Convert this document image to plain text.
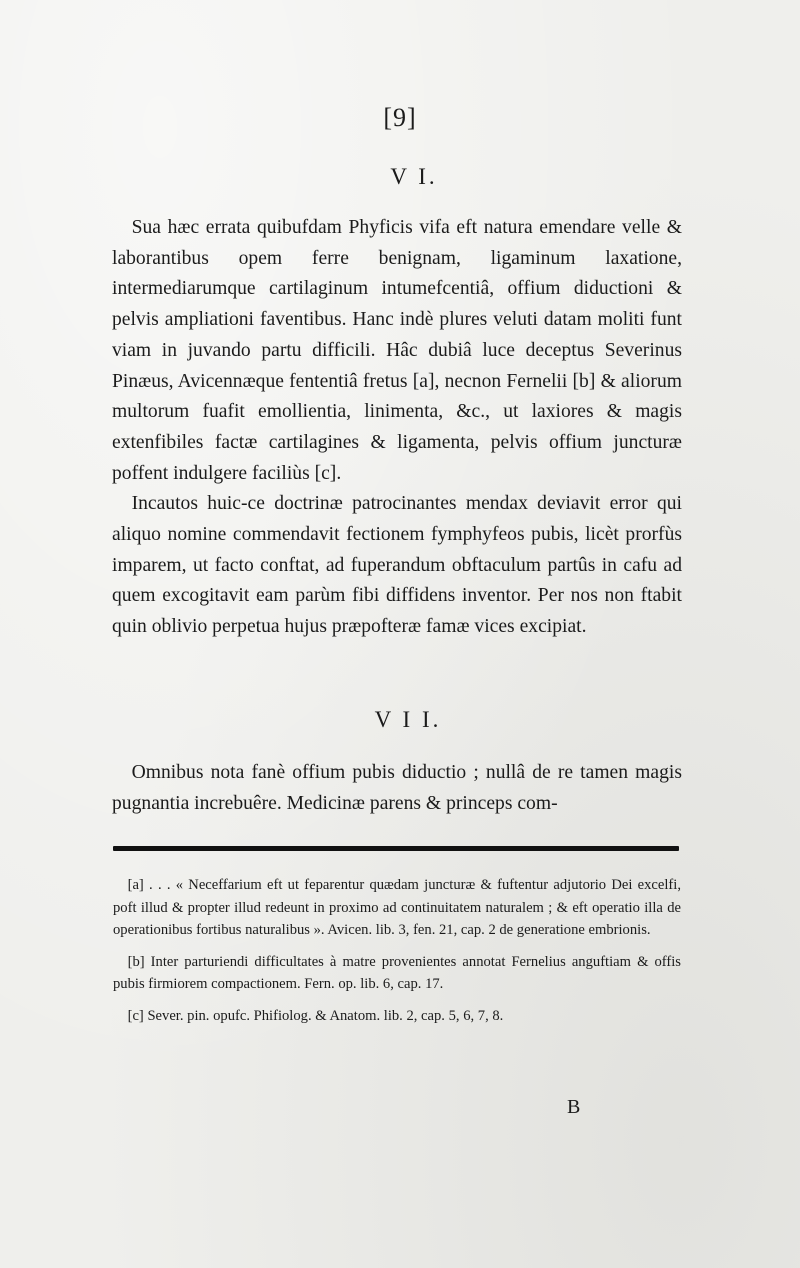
[9]
V I.

Sua hæc errata quibufdam Phyficis vifa eft natura emendare velle & laborantibus opem ferre benignam, ligaminum laxatione, intermediarumque cartilaginum intumefcentiâ, offium diductioni & pelvis ampliationi faventibus. Hanc indè plures veluti datam moliti funt viam in juvando partu difficili. Hâc dubiâ luce deceptus Severinus Pinæus, Avicennæque fententiâ fretus [a], necnon Fernelii [b] & aliorum multorum fuafit emollientia, linimenta, &c., ut laxiores & magis extenfibiles factæ cartilagines & ligamenta, pelvis offium juncturæ poffent indulgere faciliùs [c].

Incautos huic-ce doctrinæ patrocinantes mendax deviavit error qui aliquo nomine commendavit fectionem fymphyfeos pubis, licèt prorfùs imparem, ut facto conftat, ad fuperandum obftaculum partûs in cafu ad quem excogitavit eam parùm fibi diffidens inventor. Per nos non ftabit quin oblivio perpetua hujus præpofteræ famæ vices excipiat.

V I I.

Omnibus nota fanè offium pubis diductio ; nullâ de re tamen magis pugnantia increbuêre. Medicinæ parens & princeps com-

[a] . . . « Neceffarium eft ut feparentur quædam juncturæ & fuftentur adjutorio Dei excelfi, poft illud & propter illud redeunt in proximo ad continuitatem naturalem ; & eft operatio illa de operationibus fortibus naturalibus ». Avicen. lib. 3, fen. 21, cap. 2 de generatione embrionis.

[b] Inter parturiendi difficultates à matre provenientes annotat Fernelius anguftiam & offis pubis firmiorem compactionem. Fern. op. lib. 6, cap. 17.

[c] Sever. pin. opufc. Phifiolog. & Anatom. lib. 2, cap. 5, 6, 7, 8.

B
